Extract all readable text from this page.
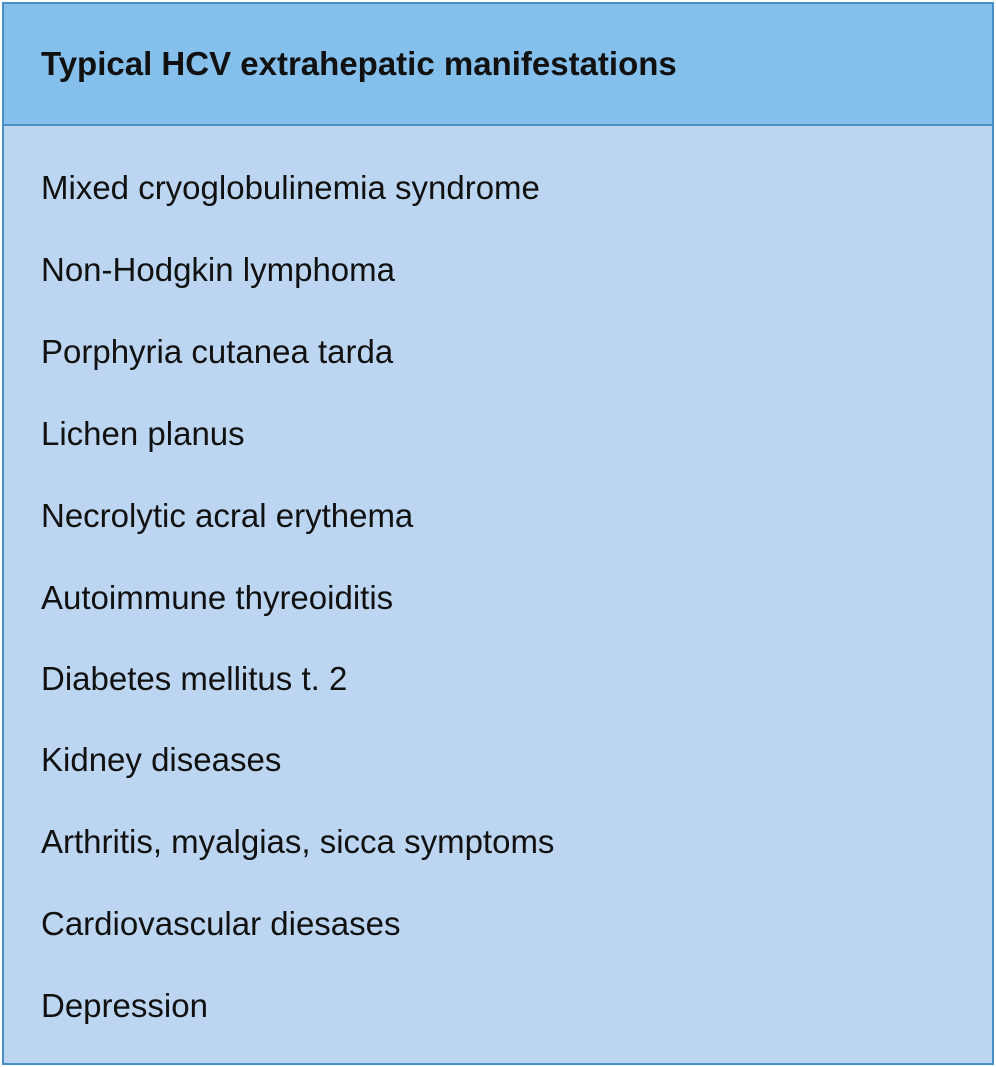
Typical HCV extrahepatic manifestations
Mixed cryoglobulinemia syndrome
Non-Hodgkin lymphoma
Porphyria cutanea tarda
Lichen planus
Necrolytic acral erythema
Autoimmune thyreoiditis
Diabetes mellitus t. 2
Kidney diseases
Arthritis, myalgias, sicca symptoms
Cardiovascular diesases
Depression
